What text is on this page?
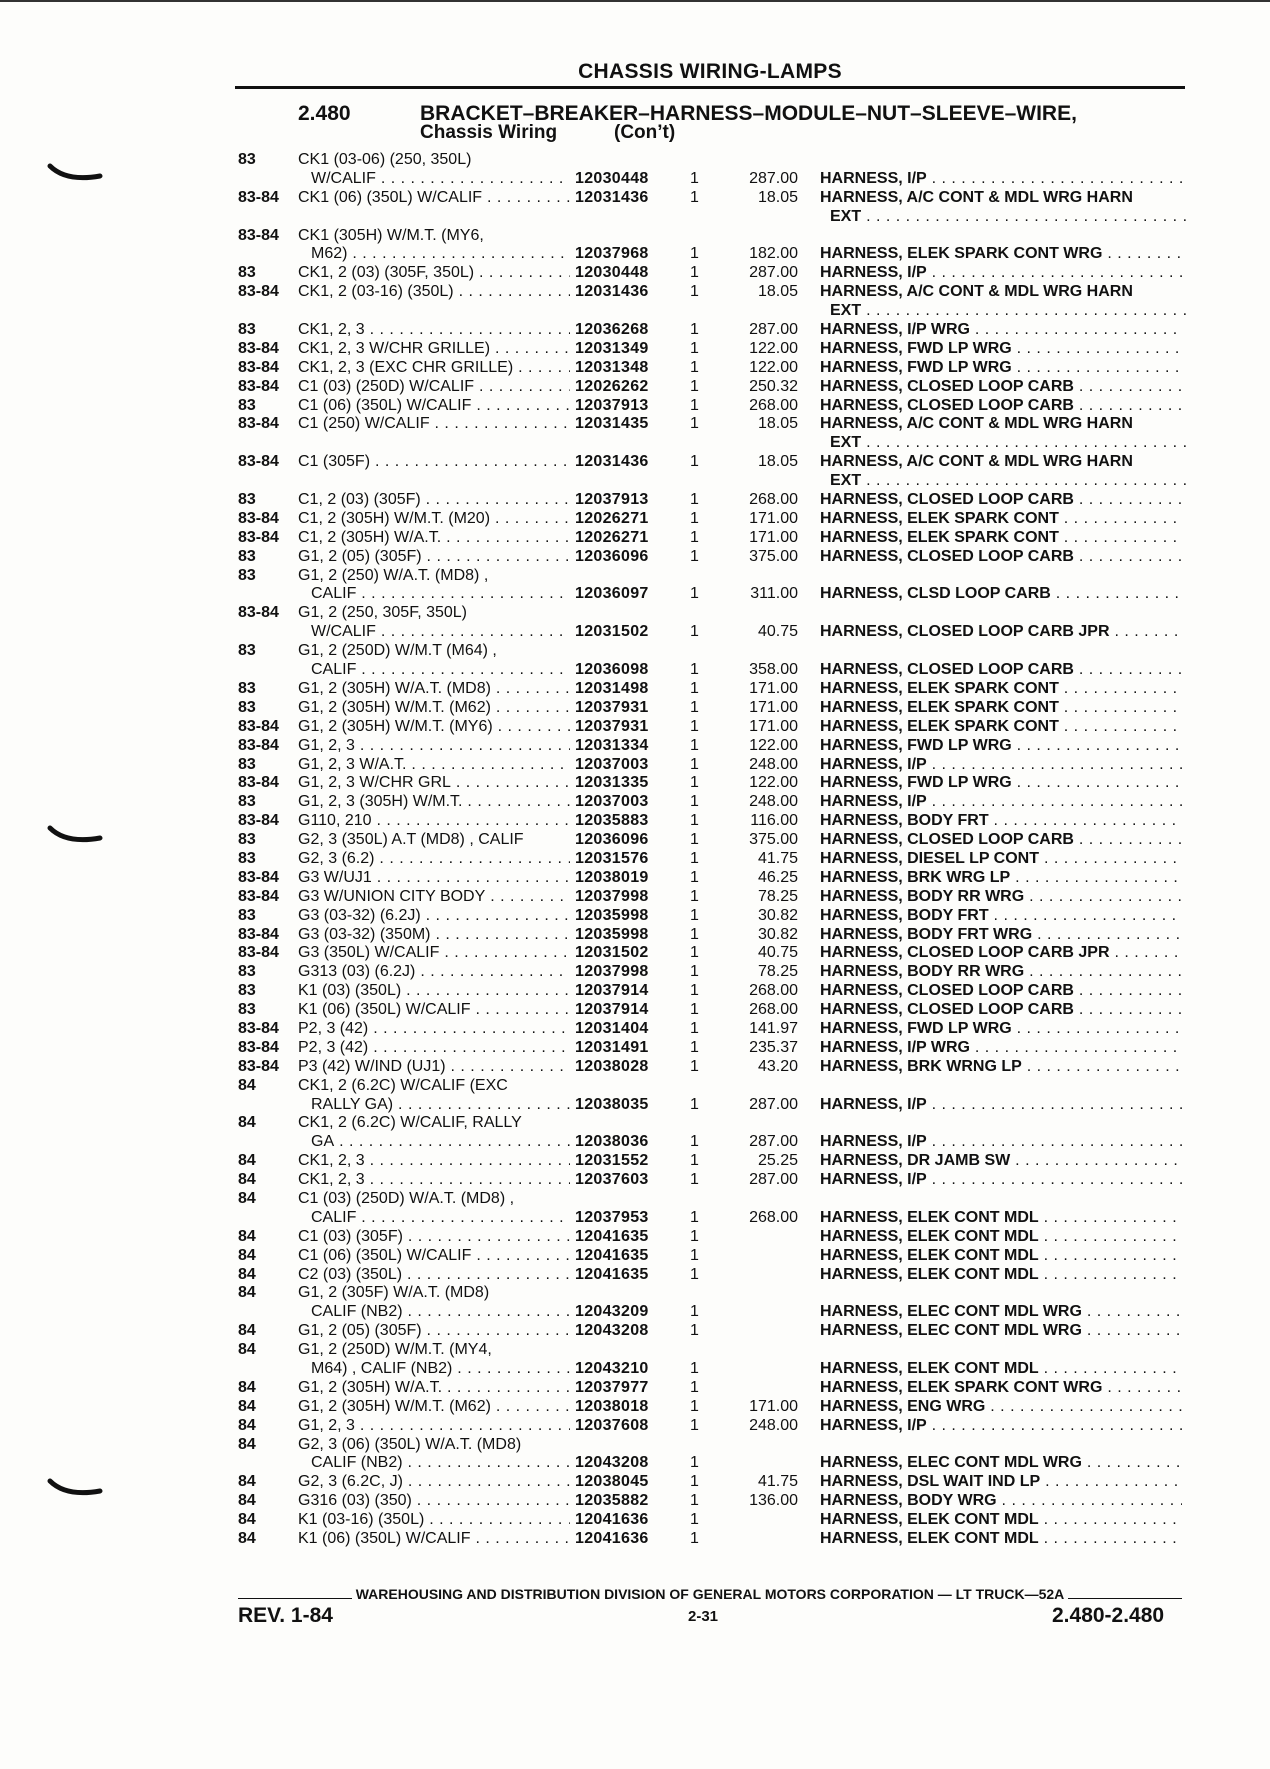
CHASSIS WIRING-LAMPS
2.480	BRACKET–BREAKER–HARNESS–MODULE–NUT–SLEEVE–WIRE,
Chassis Wiring	(Con’t)
83	CK1 (03-06) (250, 350L)
W/CALIF . . .	12030448	1	287.00 HARNESS, I/P . . .
83-84 CK1 (06) (350L) W/CALIF . . .	12031436	1	18.05 HARNESS, A/C CONT & MDL WRG HARN
EXT . . .
83-84 CK1 (305H) W/M.T. (MY6,
M62) . . .	12037968	1	182.00 HARNESS, ELEK SPARK CONT WRG . . .
83	CK1, 2 (03) (305F, 350L) . . .	12030448	1	287.00 HARNESS, I/P . . .
83-84 CK1, 2 (03-16) (350L) . . .	12031436	1	18.05 HARNESS, A/C CONT & MDL WRG HARN
EXT . . .
83	CK1, 2, 3 . . .	12036268	1	287.00 HARNESS, I/P WRG . . .
83-84 CK1, 2, 3 W/CHR GRILLE) . . .	12031349	1	122.00 HARNESS, FWD LP WRG . . .
83-84 CK1, 2, 3 (EXC CHR GRILLE) . . .	12031348	1	122.00 HARNESS, FWD LP WRG . . .
83-84 C1 (03) (250D) W/CALIF . . .	12026262	1	250.32 HARNESS, CLOSED LOOP CARB . . .
83	C1 (06) (350L) W/CALIF . . .	12037913	1	268.00 HARNESS, CLOSED LOOP CARB . . .
83-84 C1 (250) W/CALIF . . .	12031435	1	18.05 HARNESS, A/C CONT & MDL WRG HARN
EXT . . .
83-84 C1 (305F) . . .	12031436	1	18.05 HARNESS, A/C CONT & MDL WRG HARN
EXT . . .
83	C1, 2 (03) (305F) . . .	12037913	1	268.00 HARNESS, CLOSED LOOP CARB . . .
83-84 C1, 2 (305H) W/M.T. (M20) . . .	12026271	1	171.00 HARNESS, ELEK SPARK CONT . . .
83-84 C1, 2 (305H) W/A.T. . . .	12026271	1	171.00 HARNESS, ELEK SPARK CONT . . .
83	G1, 2 (05) (305F) . . .	12036096	1	375.00 HARNESS, CLOSED LOOP CARB . . .
83	G1, 2 (250) W/A.T. (MD8) ,
CALIF . . .	12036097	1	311.00 HARNESS, CLSD LOOP CARB . . .
83-84 G1, 2 (250, 305F, 350L)
W/CALIF . . .	12031502	1	40.75 HARNESS, CLOSED LOOP CARB JPR . . .
83	G1, 2 (250D) W/M.T (M64) ,
CALIF . . .	12036098	1	358.00 HARNESS, CLOSED LOOP CARB . . .
83	G1, 2 (305H) W/A.T. (MD8) . . .	12031498	1	171.00 HARNESS, ELEK SPARK CONT . . .
83	G1, 2 (305H) W/M.T. (M62) . . .	12037931	1	171.00 HARNESS, ELEK SPARK CONT . . .
83-84 G1, 2 (305H) W/M.T. (MY6) . . .	12037931	1	171.00 HARNESS, ELEK SPARK CONT . . .
83-84 G1, 2, 3 . . .	12031334	1	122.00 HARNESS, FWD LP WRG . . .
83	G1, 2, 3 W/A.T. . . .	12037003	1	248.00 HARNESS, I/P . . .
83-84 G1, 2, 3 W/CHR GRL . . .	12031335	1	122.00 HARNESS, FWD LP WRG . . .
83	G1, 2, 3 (305H) W/M.T. . . .	12037003	1	248.00 HARNESS, I/P . . .
83-84 G110, 210 . . .	12035883	1	116.00 HARNESS, BODY FRT . . .
83	G2, 3 (350L) A.T (MD8) , CALIF	12036096	1	375.00 HARNESS, CLOSED LOOP CARB . . .
83	G2, 3 (6.2) . . .	12031576	1	41.75 HARNESS, DIESEL LP CONT . . .
83-84 G3 W/UJ1 . . .	12038019	1	46.25 HARNESS, BRK WRG LP . . .
83-84 G3 W/UNION CITY BODY . . .	12037998	1	78.25 HARNESS, BODY RR WRG . . .
83	G3 (03-32) (6.2J) . . .	12035998	1	30.82 HARNESS, BODY FRT . . .
83-84 G3 (03-32) (350M) . . .	12035998	1	30.82 HARNESS, BODY FRT WRG . . .
83-84 G3 (350L) W/CALIF . . .	12031502	1	40.75 HARNESS, CLOSED LOOP CARB JPR . . .
83	G313 (03) (6.2J) . . .	12037998	1	78.25 HARNESS, BODY RR WRG . . .
83	K1 (03) (350L) . . .	12037914	1	268.00 HARNESS, CLOSED LOOP CARB . . .
83	K1 (06) (350L) W/CALIF . . .	12037914	1	268.00 HARNESS, CLOSED LOOP CARB . . .
83-84 P2, 3 (42) . . .	12031404	1	141.97 HARNESS, FWD LP WRG . . .
83-84 P2, 3 (42) . . .	12031491	1	235.37 HARNESS, I/P WRG . . .
83-84 P3 (42) W/IND (UJ1) . . .	12038028	1	43.20 HARNESS, BRK WRNG LP . . .
84	CK1, 2 (6.2C) W/CALIF (EXC
RALLY GA) . . .	12038035	1	287.00 HARNESS, I/P . . .
84	CK1, 2 (6.2C) W/CALIF, RALLY
GA . . .	12038036	1	287.00 HARNESS, I/P . . .
84	CK1, 2, 3 . . .	12031552	1	25.25 HARNESS, DR JAMB SW . . .
84	CK1, 2, 3 . . .	12037603	1	287.00 HARNESS, I/P . . .
84	C1 (03) (250D) W/A.T. (MD8) ,
CALIF . . .	12037953	1	268.00 HARNESS, ELEK CONT MDL . . .
84	C1 (03) (305F) . . .	12041635	1	HARNESS, ELEK CONT MDL . . .
84	C1 (06) (350L) W/CALIF . . .	12041635	1	HARNESS, ELEK CONT MDL . . .
84	C2 (03) (350L) . . .	12041635	1	HARNESS, ELEK CONT MDL . . .
84	G1, 2 (305F) W/A.T. (MD8)
CALIF (NB2) . . .	12043209	1	HARNESS, ELEC CONT MDL WRG . . .
84	G1, 2 (05) (305F) . . .	12043208	1	HARNESS, ELEC CONT MDL WRG . . .
84	G1, 2 (250D) W/M.T. (MY4,
M64) , CALIF (NB2) . . .	12043210	1	HARNESS, ELEK CONT MDL . . .
84	G1, 2 (305H) W/A.T. . . .	12037977	1	HARNESS, ELEK SPARK CONT WRG . . .
84	G1, 2 (305H) W/M.T. (M62) . . .	12038018	1	171.00 HARNESS, ENG WRG . . .
84	G1, 2, 3 . . .	12037608	1	248.00 HARNESS, I/P . . .
84	G2, 3 (06) (350L) W/A.T. (MD8)
CALIF (NB2) . . .	12043208	1	HARNESS, ELEC CONT MDL WRG . . .
84	G2, 3 (6.2C, J) . . .	12038045	1	41.75 HARNESS, DSL WAIT IND LP . . .
84	G316 (03) (350) . . .	12035882	1	136.00 HARNESS, BODY WRG . . .
84	K1 (03-16) (350L) . . .	12041636	1	HARNESS, ELEK CONT MDL . . .
84	K1 (06) (350L) W/CALIF . . .	12041636	1	HARNESS, ELEK CONT MDL . . .
WAREHOUSING AND DISTRIBUTION DIVISION OF GENERAL MOTORS CORPORATION — LT TRUCK—52A
REV. 1-84	2-31	2.480-2.480
